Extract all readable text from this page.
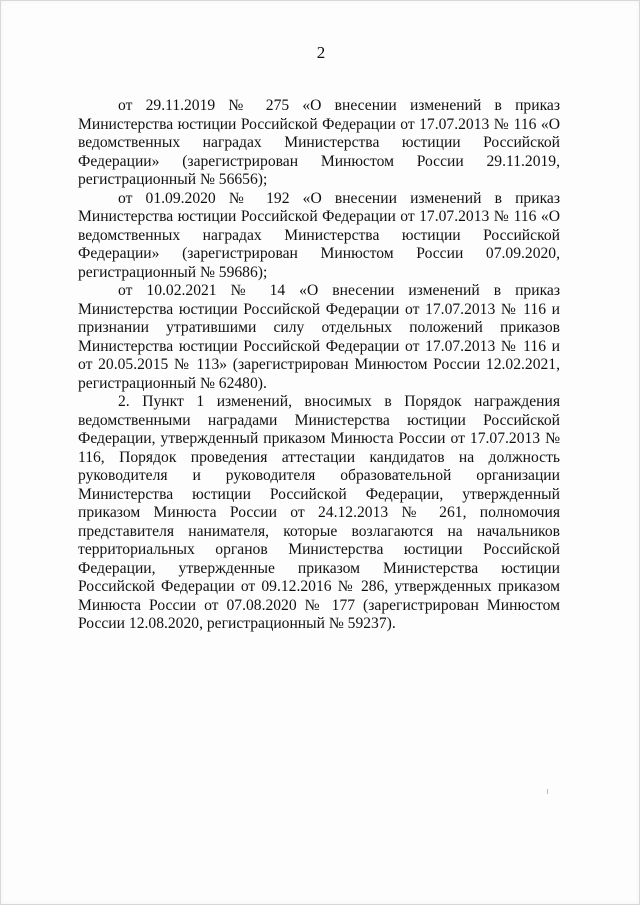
2

от 29.11.2019 № 275 «О внесении изменений в приказ Министерства юстиции Российской Федерации от 17.07.2013 № 116 «О ведомственных наградах Министерства юстиции Российской Федерации» (зарегистрирован Минюстом России 29.11.2019, регистрационный № 56656);

от 01.09.2020 № 192 «О внесении изменений в приказ Министерства юстиции Российской Федерации от 17.07.2013 № 116 «О ведомственных наградах Министерства юстиции Российской Федерации» (зарегистрирован Минюстом России 07.09.2020, регистрационный № 59686);

от 10.02.2021 № 14 «О внесении изменений в приказ Министерства юстиции Российской Федерации от 17.07.2013 № 116 и признании утратившими силу отдельных положений приказов Министерства юстиции Российской Федерации от 17.07.2013 № 116 и от 20.05.2015 № 113» (зарегистрирован Минюстом России 12.02.2021, регистрационный № 62480).

2. Пункт 1 изменений, вносимых в Порядок награждения ведомственными наградами Министерства юстиции Российской Федерации, утвержденный приказом Минюста России от 17.07.2013 № 116, Порядок проведения аттестации кандидатов на должность руководителя и руководителя образовательной организации Министерства юстиции Российской Федерации, утвержденный приказом Минюста России от 24.12.2013 № 261, полномочия представителя нанимателя, которые возлагаются на начальников территориальных органов Министерства юстиции Российской Федерации, утвержденные приказом Министерства юстиции Российской Федерации от 09.12.2016 № 286, утвержденных приказом Минюста России от 07.08.2020 № 177 (зарегистрирован Минюстом России 12.08.2020, регистрационный № 59237).
